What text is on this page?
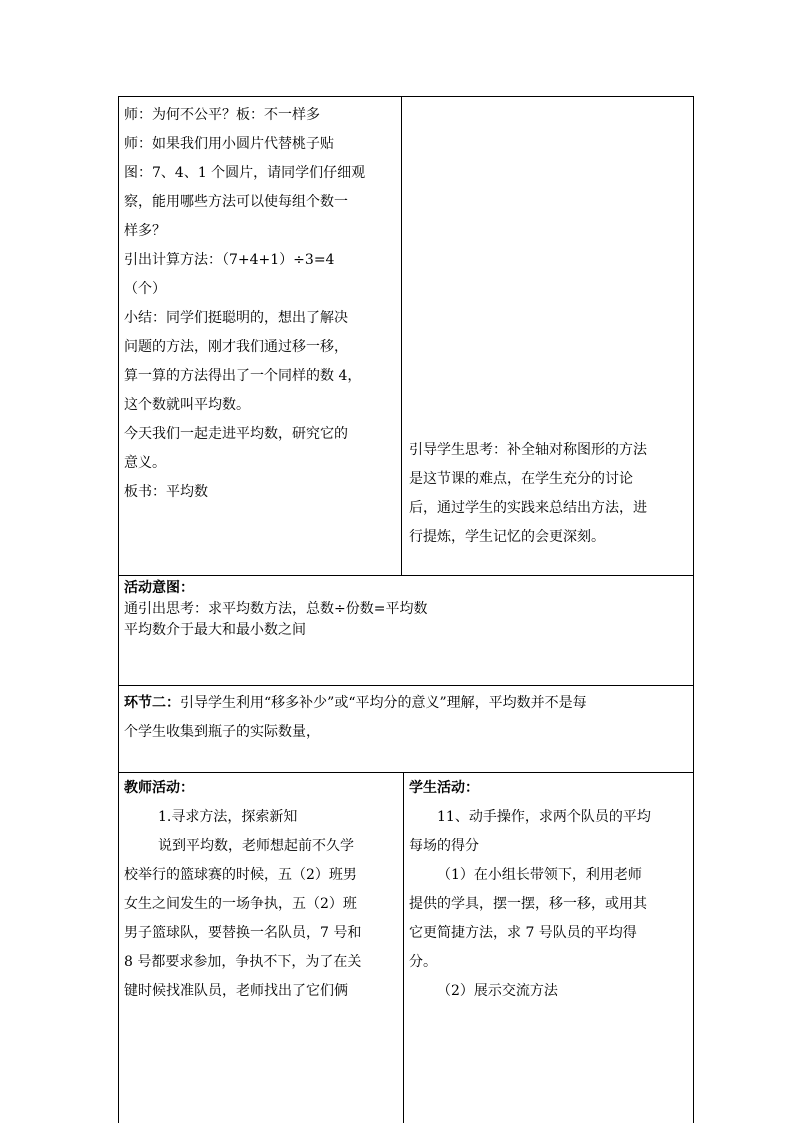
师：为何不公平？板：不一样多

师：如果我们用小圆片代替桃子贴

图：7、4、1 个圆片，请同学们仔细观

察，能用哪些方法可以使每组个数一

样多？

引出计算方法：（7+4+1）÷3=4

（个）

小结：同学们挺聪明的，想出了解决

问题的方法，刚才我们通过移一移，

算一算的方法得出了一个同样的数 4，

这个数就叫平均数。

今天我们一起走进平均数，研究它的

意义。

板书：平均数

引导学生思考：补全轴对称图形的方法

是这节课的难点，在学生充分的讨论

后，通过学生的实践来总结出方法，进

行提炼，学生记忆的会更深刻。

活动意图：

通引出思考：求平均数方法，总数÷份数=平均数

平均数介于最大和最小数之间

环节二：引导学生利用“移多补少”或“平均分的意义”理解，平均数并不是每

个学生收集到瓶子的实际数量，

教师活动：

1.寻求方法，探索新知

说到平均数，老师想起前不久学

校举行的篮球赛的时候，五（2）班男

女生之间发生的一场争执，五（2）班

男子篮球队，要替换一名队员，7 号和

8 号都要求参加，争执不下，为了在关

键时候找准队员，老师找出了它们俩

学生活动：

11、动手操作，求两个队员的平均

每场的得分

（1）在小组长带领下，利用老师

提供的学具，摆一摆，移一移，或用其

它更简捷方法，求 7 号队员的平均得

分。

（2）展示交流方法
